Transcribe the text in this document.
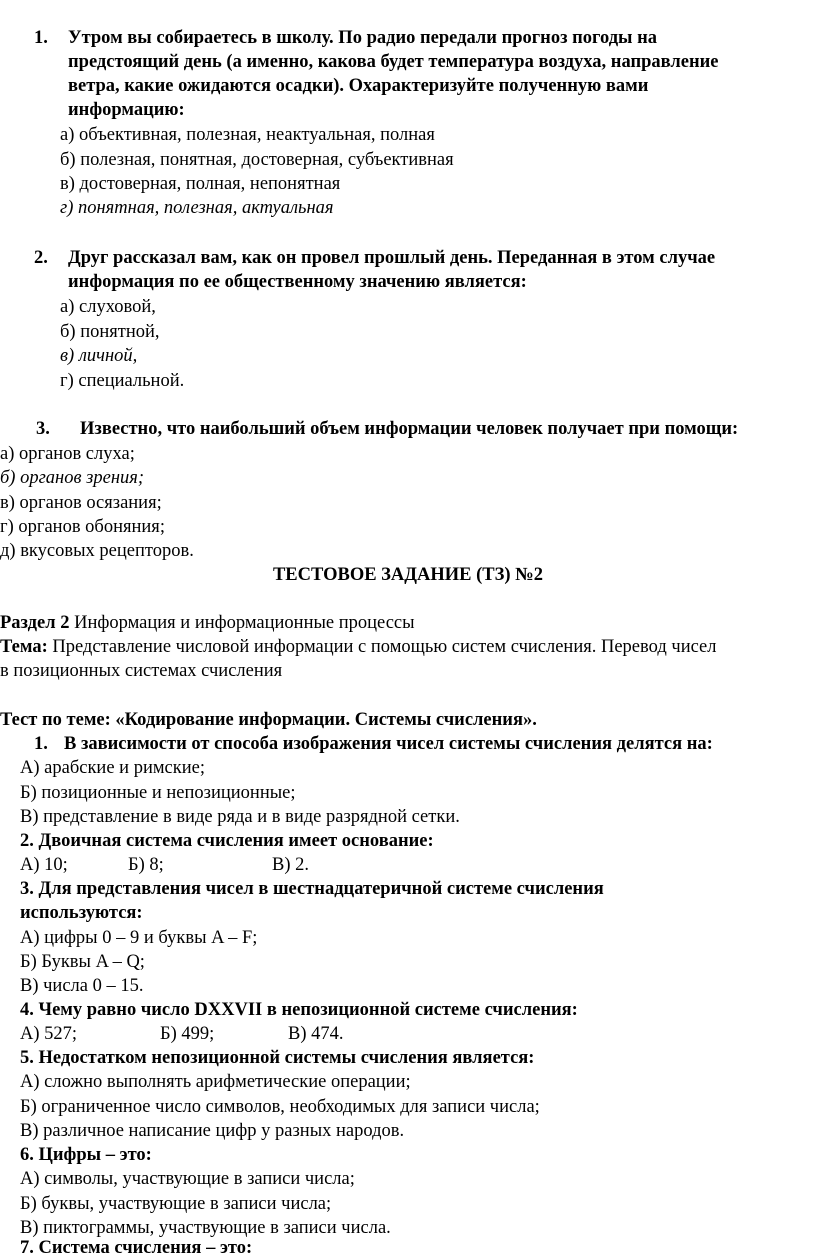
1. Утром вы собираетесь в школу. По радио передали прогноз погоды на
предстоящий день (а именно, какова будет температура воздуха, направление
ветра, какие ожидаются осадки). Охарактеризуйте полученную вами
информацию:
а) объективная, полезная, неактуальная, полная
б) полезная, понятная, достоверная, субъективная
в) достоверная, полная, непонятная
г) понятная, полезная, актуальная
2. Друг рассказал вам, как он провел прошлый день. Переданная в этом случае
информация по ее общественному значению является:
а) слуховой,
б) понятной,
в) личной,
г) специальной.
3. Известно, что наибольший объем информации человек получает при помощи:
а) органов слуха;
б) органов зрения;
в) органов осязания;
г) органов обоняния;
д) вкусовых рецепторов.
ТЕСТОВОЕ ЗАДАНИЕ (ТЗ) №2
Раздел 2 Информация и информационные процессы
Тема: Представление числовой информации с помощью систем счисления. Перевод чисел
в позиционных системах счисления
Тест по теме: «Кодирование информации. Системы счисления».
1. В зависимости от способа изображения чисел системы счисления делятся на:
А) арабские и римские;
Б) позиционные и непозиционные;
В) представление в виде ряда и в виде разрядной сетки.
2. Двоичная система счисления имеет основание:
А) 10;	Б) 8;	В) 2.
3. Для представления чисел в шестнадцатеричной системе счисления
используются:
А) цифры 0 – 9 и буквы A – F;
Б) Буквы A – Q;
В) числа 0 – 15.
4. Чему равно число DXXVII в непозиционной системе счисления:
А) 527;	Б) 499;	В) 474.
5. Недостатком непозиционной системы счисления является:
А) сложно выполнять арифметические операции;
Б) ограниченное число символов, необходимых для записи числа;
В) различное написание цифр у разных народов.
6. Цифры – это:
А) символы, участвующие в записи числа;
Б) буквы, участвующие в записи числа;
В) пиктограммы, участвующие в записи числа.
7. Система счисления – это:
